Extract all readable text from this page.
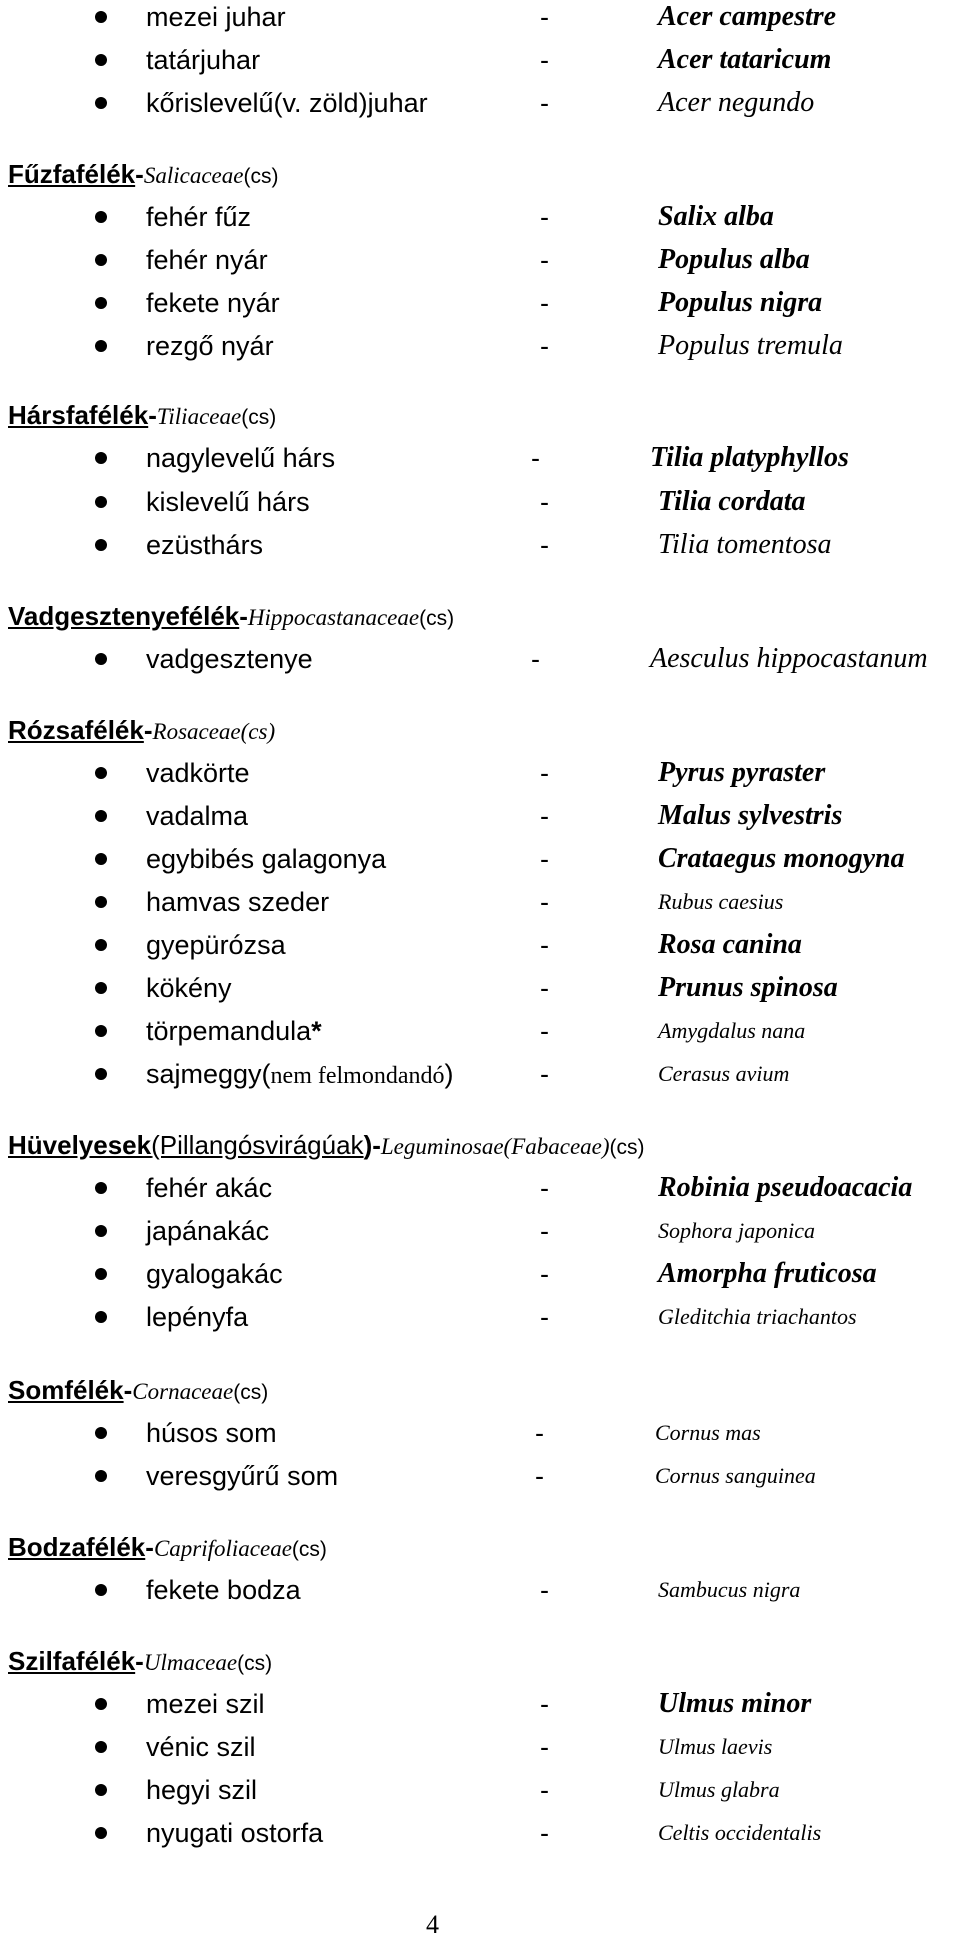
mezei juhar	-	Acer campestre
tatárjuhar	-	Acer tataricum
kőrislevelű(v. zöld)juhar	-	Acer negundo
Fűzfafélék-Salicaceae(cs)
fehér fűz	-	Salix alba
fehér nyár	-	Populus alba
fekete nyár	-	Populus nigra
rezgő nyár	-	Populus tremula
Hársfafélék-Tiliaceae(cs)
nagylevelű hárs	-	Tilia platyphyllos
kislevelű hárs	-	Tilia cordata
ezüsthárs	-	Tilia tomentosa
Vadgesztenyefélék-Hippocastanaceae(cs)
vadgesztenye	-	Aesculus hippocastanum
Rózsafélék-Rosaceae(cs)
vadkörte	-	Pyrus pyraster
vadalma	-	Malus sylvestris
egybibés galagonya	-	Crataegus monogyna
hamvas szeder	-	Rubus caesius
gyepürózsa	-	Rosa canina
kökény	-	Prunus spinosa
törpemandula*	-	Amygdalus nana
sajmeggy(nem felmondandó)	-	Cerasus avium
Hüvelyesek(Pillangósvirágúak)-Leguminosae(Fabaceae)(cs)
fehér akác	-	Robinia pseudoacacia
japánakác	-	Sophora japonica
gyalogakác	-	Amorpha fruticosa
lepényfa	-	Gleditchia triachantos
Somfélék-Cornaceae(cs)
húsos som	-	Cornus mas
veresgyűrű som	-	Cornus sanguinea
Bodzafélék-Caprifoliaceae(cs)
fekete bodza	-	Sambucus nigra
Szilfafélék-Ulmaceae(cs)
mezei szil	-	Ulmus minor
vénic szil	-	Ulmus laevis
hegyi szil	-	Ulmus glabra
nyugati ostorfa	-	Celtis occidentalis
4
